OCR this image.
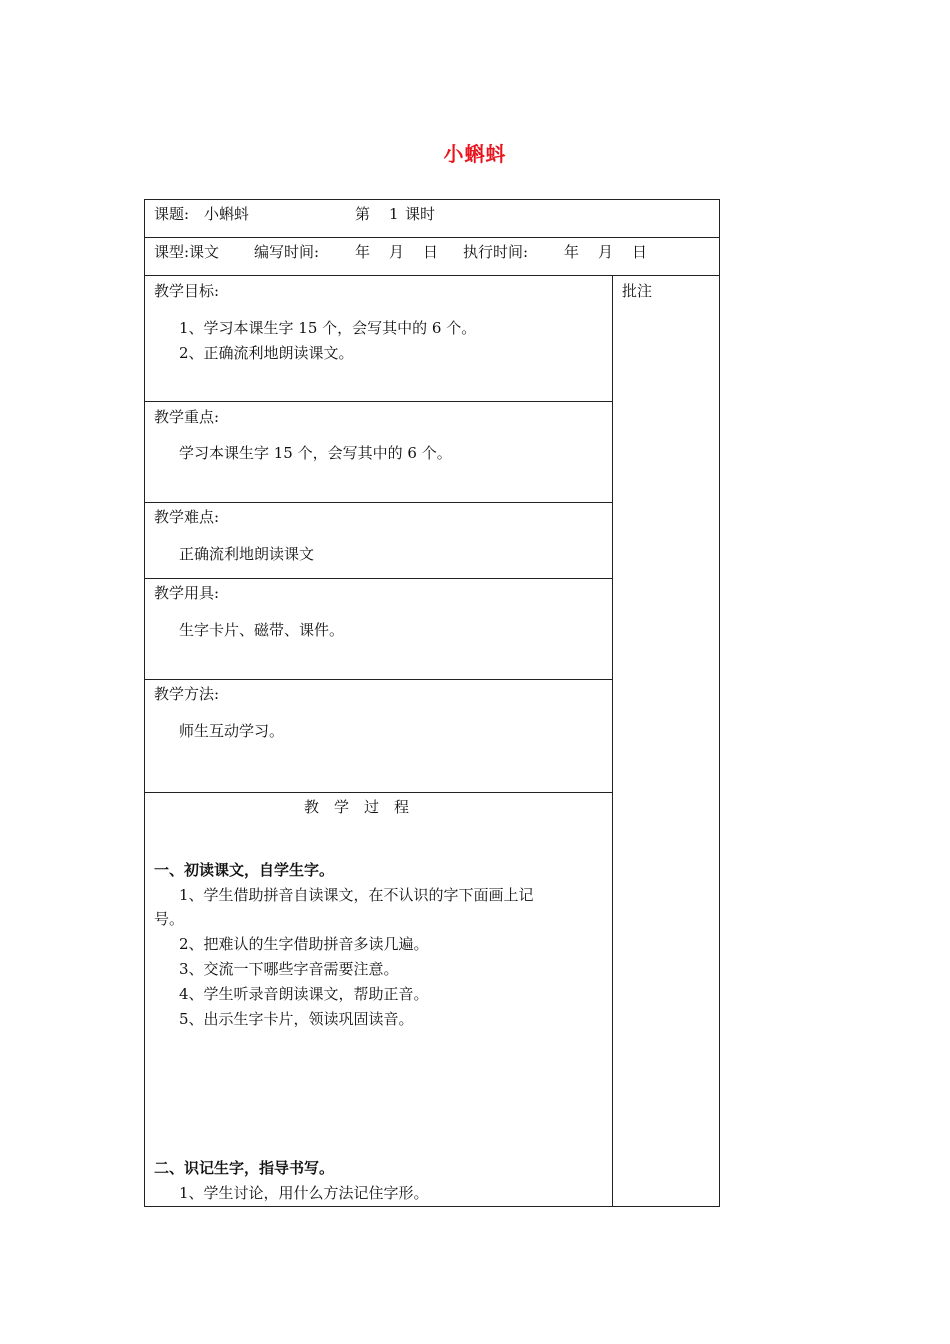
小蝌蚪
课题: 小蝌蚪	第 1 课时
课型:课文 编写时间: 年 月 日 执行时间: 年 月 日
批注
教学目标:
1、学习本课生字 15 个，会写其中的 6 个。
2、正确流利地朗读课文。
教学重点:
学习本课生字 15 个，会写其中的 6 个。
教学难点:
正确流利地朗读课文
教学用具:
生字卡片、磁带、课件。
教学方法:
师生互动学习。
教　学　过　程
一、初读课文，自学生字。
1、学生借助拼音自读课文，在不认识的字下面画上记
号。
2、把难认的生字借助拼音多读几遍。
3、交流一下哪些字音需要注意。
4、学生听录音朗读课文，帮助正音。
5、出示生字卡片，领读巩固读音。
二、识记生字，指导书写。
1、学生讨论，用什么方法记住字形。
